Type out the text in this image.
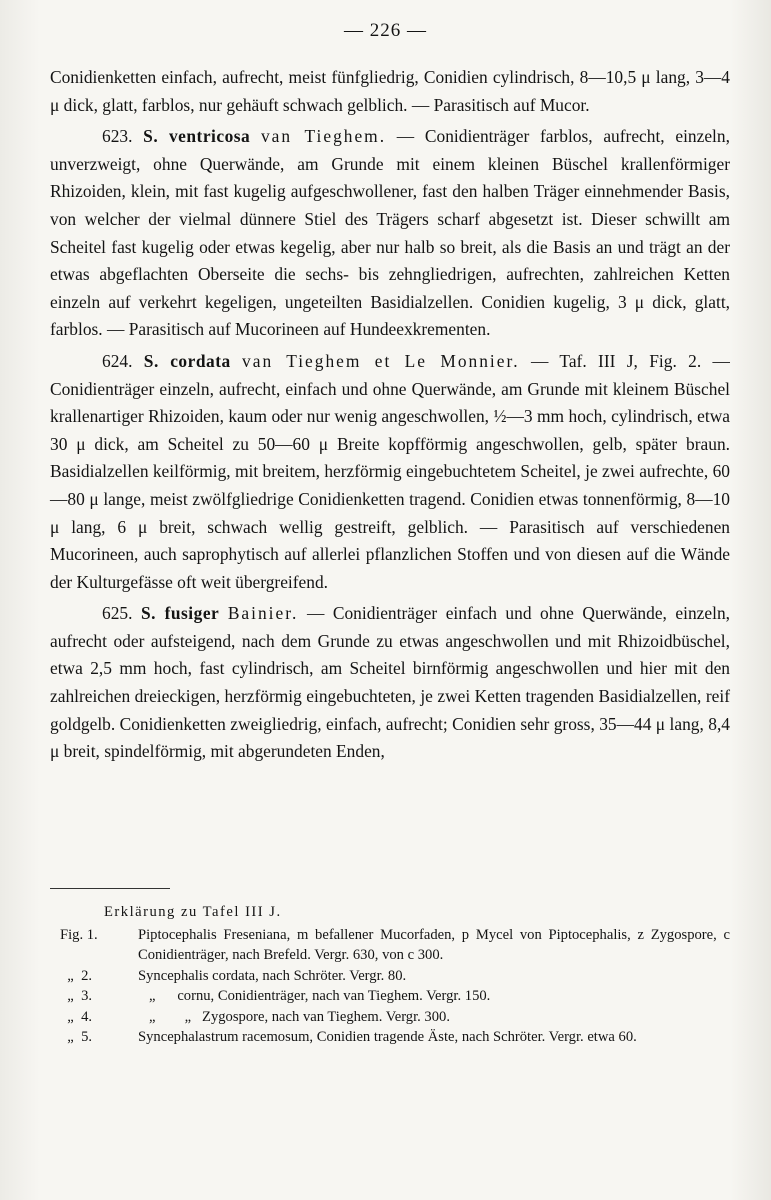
— 226 —

Conidienketten einfach, aufrecht, meist fünfgliedrig, Conidien cylindrisch, 8—10,5 μ lang, 3—4 μ dick, glatt, farblos, nur gehäuft schwach gelblich. — Parasitisch auf Mucor.

623. S. ventricosa van Tieghem. — Conidienträger farblos, aufrecht, einzeln, unverzweigt, ohne Querwände, am Grunde mit einem kleinen Büschel krallenförmiger Rhizoiden, klein, mit fast kugelig aufgeschwollener, fast den halben Träger einnehmender Basis, von welcher der vielmal dünnere Stiel des Trägers scharf abgesetzt ist. Dieser schwillt am Scheitel fast kugelig oder etwas kegelig, aber nur halb so breit, als die Basis an und trägt an der etwas abgeflachten Oberseite die sechs- bis zehngliedrigen, aufrechten, zahlreichen Ketten einzeln auf verkehrt kegeligen, ungeteilten Basidialzellen. Conidien kugelig, 3 μ dick, glatt, farblos. — Parasitisch auf Mucorineen auf Hundeexkrementen.

624. S. cordata van Tieghem et Le Monnier. — Taf. III J, Fig. 2. — Conidienträger einzeln, aufrecht, einfach und ohne Querwände, am Grunde mit kleinem Büschel krallenartiger Rhizoiden, kaum oder nur wenig angeschwollen, ½—3 mm hoch, cylindrisch, etwa 30 μ dick, am Scheitel zu 50—60 μ Breite kopfförmig angeschwollen, gelb, später braun. Basidialzellen keilförmig, mit breitem, herzförmig eingebuchtetem Scheitel, je zwei aufrechte, 60—80 μ lange, meist zwölfgliedrige Conidienketten tragend. Conidien etwas tonnenförmig, 8—10 μ lang, 6 μ breit, schwach wellig gestreift, gelblich. — Parasitisch auf verschiedenen Mucorineen, auch saprophytisch auf allerlei pflanzlichen Stoffen und von diesen auf die Wände der Kulturgefässe oft weit übergreifend.

625. S. fusiger Bainier. — Conidienträger einfach und ohne Querwände, einzeln, aufrecht oder aufsteigend, nach dem Grunde zu etwas angeschwollen und mit Rhizoidbüschel, etwa 2,5 mm hoch, fast cylindrisch, am Scheitel birnförmig angeschwollen und hier mit den zahlreichen dreieckigen, herzförmig eingebuchteten, je zwei Ketten tragenden Basidialzellen, reif goldgelb. Conidienketten zweigliedrig, einfach, aufrecht; Conidien sehr gross, 35—44 μ lang, 8,4 μ breit, spindelförmig, mit abgerundeten Enden,

Erklärung zu Tafel III J.
Fig. 1.	Piptocephalis Freseniana, m befallener Mucorfaden, p Mycel von Piptocephalis, z Zygospore, c Conidienträger, nach Brefeld. Vergr. 630, von c 300.
„  2.	Syncephalis cordata, nach Schröter. Vergr. 80.
„  3.	„      cornu, Conidienträger, nach van Tieghem. Vergr. 150.
„  4.	„        „   Zygospore, nach van Tieghem. Vergr. 300.
„  5.	Syncephalastrum racemosum, Conidien tragende Äste, nach Schröter. Vergr. etwa 60.
